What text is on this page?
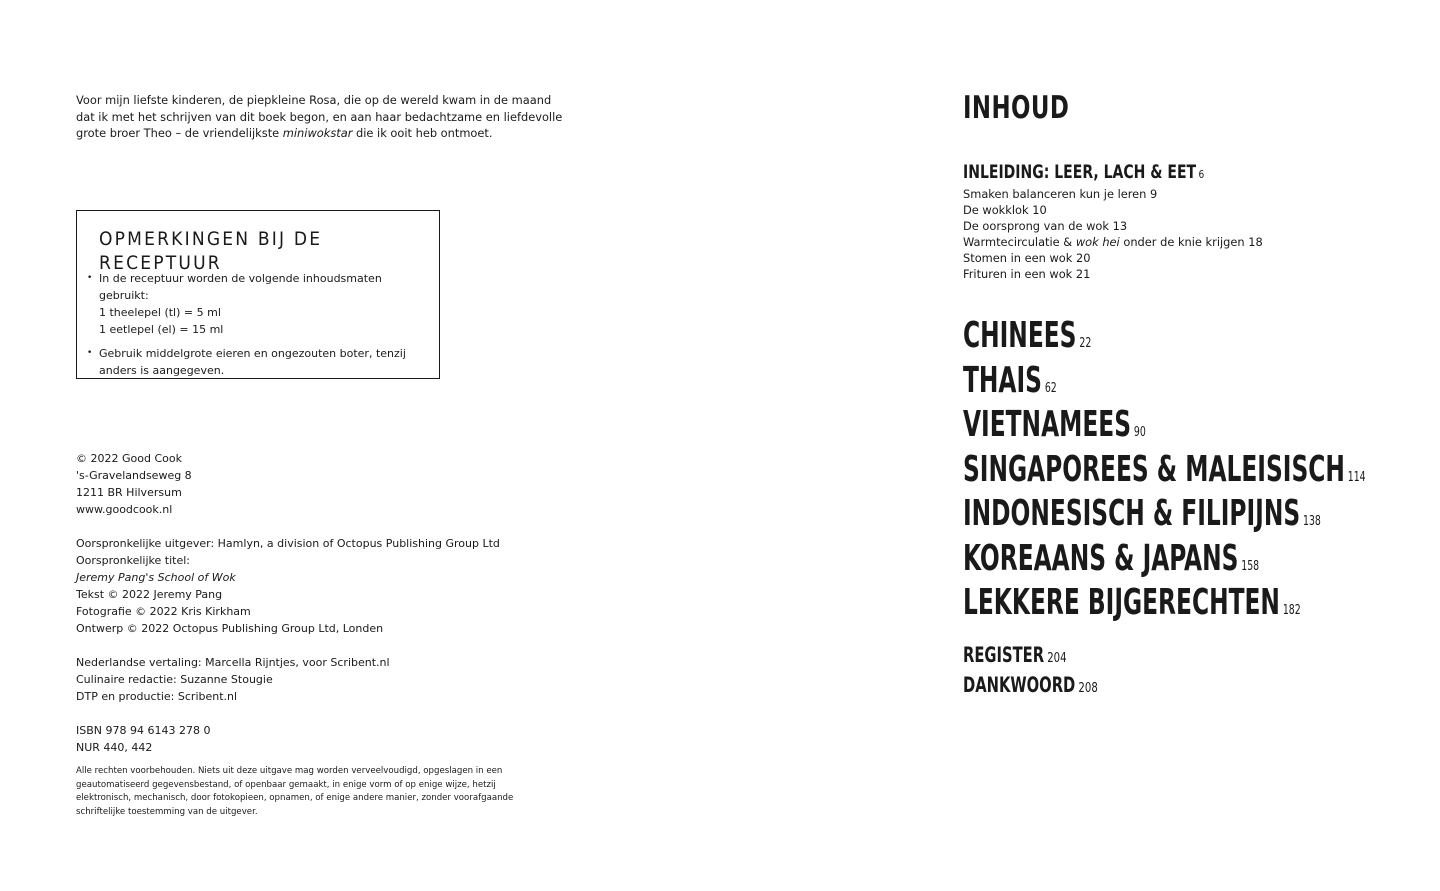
Voor mijn liefste kinderen, de piepkleine Rosa, die op de wereld kwam in de maand dat ik met het schrijven van dit boek begon, en aan haar bedachtzame en liefdevolle grote broer Theo – de vriendelijkste miniwokstar die ik ooit heb ontmoet.

OPMERKINGEN BIJ DE RECEPTUUR
• In de receptuur worden de volgende inhoudsmaten gebruikt:
1 theelepel (tl) = 5 ml
1 eetlepel (el) = 15 ml
• Gebruik middelgrote eieren en ongezouten boter, tenzij anders is aangegeven.
© 2022 Good Cook
's-Gravelandseweg 8
1211 BR Hilversum
www.goodcook.nl
Oorspronkelijke uitgever: Hamlyn, a division of Octopus Publishing Group Ltd
Oorspronkelijke titel:
Jeremy Pang's School of Wok
Tekst © 2022 Jeremy Pang
Fotografie © 2022 Kris Kirkham
Ontwerp © 2022 Octopus Publishing Group Ltd, Londen
Nederlandse vertaling: Marcella Rijntjes, voor Scribent.nl
Culinaire redactie: Suzanne Stougie
DTP en productie: Scribent.nl
ISBN 978 94 6143 278 0
NUR 440, 442

Alle rechten voorbehouden. Niets uit deze uitgave mag worden verveelvoudigd, opgeslagen in een geautomatiseerd gegevensbestand, of openbaar gemaakt, in enige vorm of op enige wijze, hetzij elektronisch, mechanisch, door fotokopieen, opnamen, of enige andere manier, zonder voorafgaande schriftelijke toestemming van de uitgever.

INHOUD
INLEIDING: LEER, LACH & EET 6
Smaken balanceren kun je leren 9
De wokklok 10
De oorsprong van de wok 13
Warmtecirculatie & wok hei onder de knie krijgen 18
Stomen in een wok 20
Frituren in een wok 21
CHINEES 22
THAIS 62
VIETNAMEES 90
SINGAPOREES & MALEISISCH 114
INDONESISCH & FILIPIJNS 138
KOREAANS & JAPANS 158
LEKKERE BIJGERECHTEN 182
REGISTER 204
DANKWOORD 208
